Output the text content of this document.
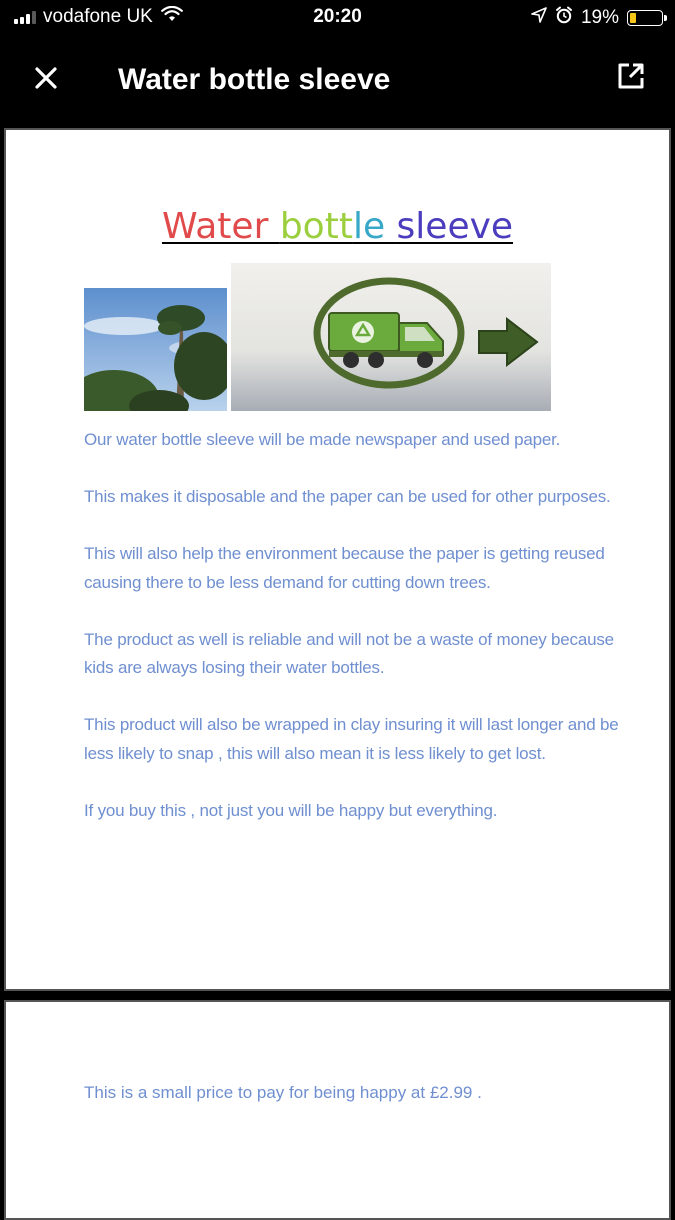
vodafone UK	20:20	19%
Water bottle sleeve
Water bottle sleeve

Our water bottle sleeve will be made newspaper and used paper.

This makes it disposable and the paper can be used for other purposes.

This will also help the environment because the paper is getting reused causing there to be less demand for cutting down trees.

The product as well is reliable and will not be a waste of money because kids are always losing their water bottles.

This product will also be wrapped in clay insuring it will last longer and be less likely to snap , this will also mean it is less likely to get lost.

If you buy this , not just you will be happy but everything.

This is a small price to pay for being happy at £2.99 .
